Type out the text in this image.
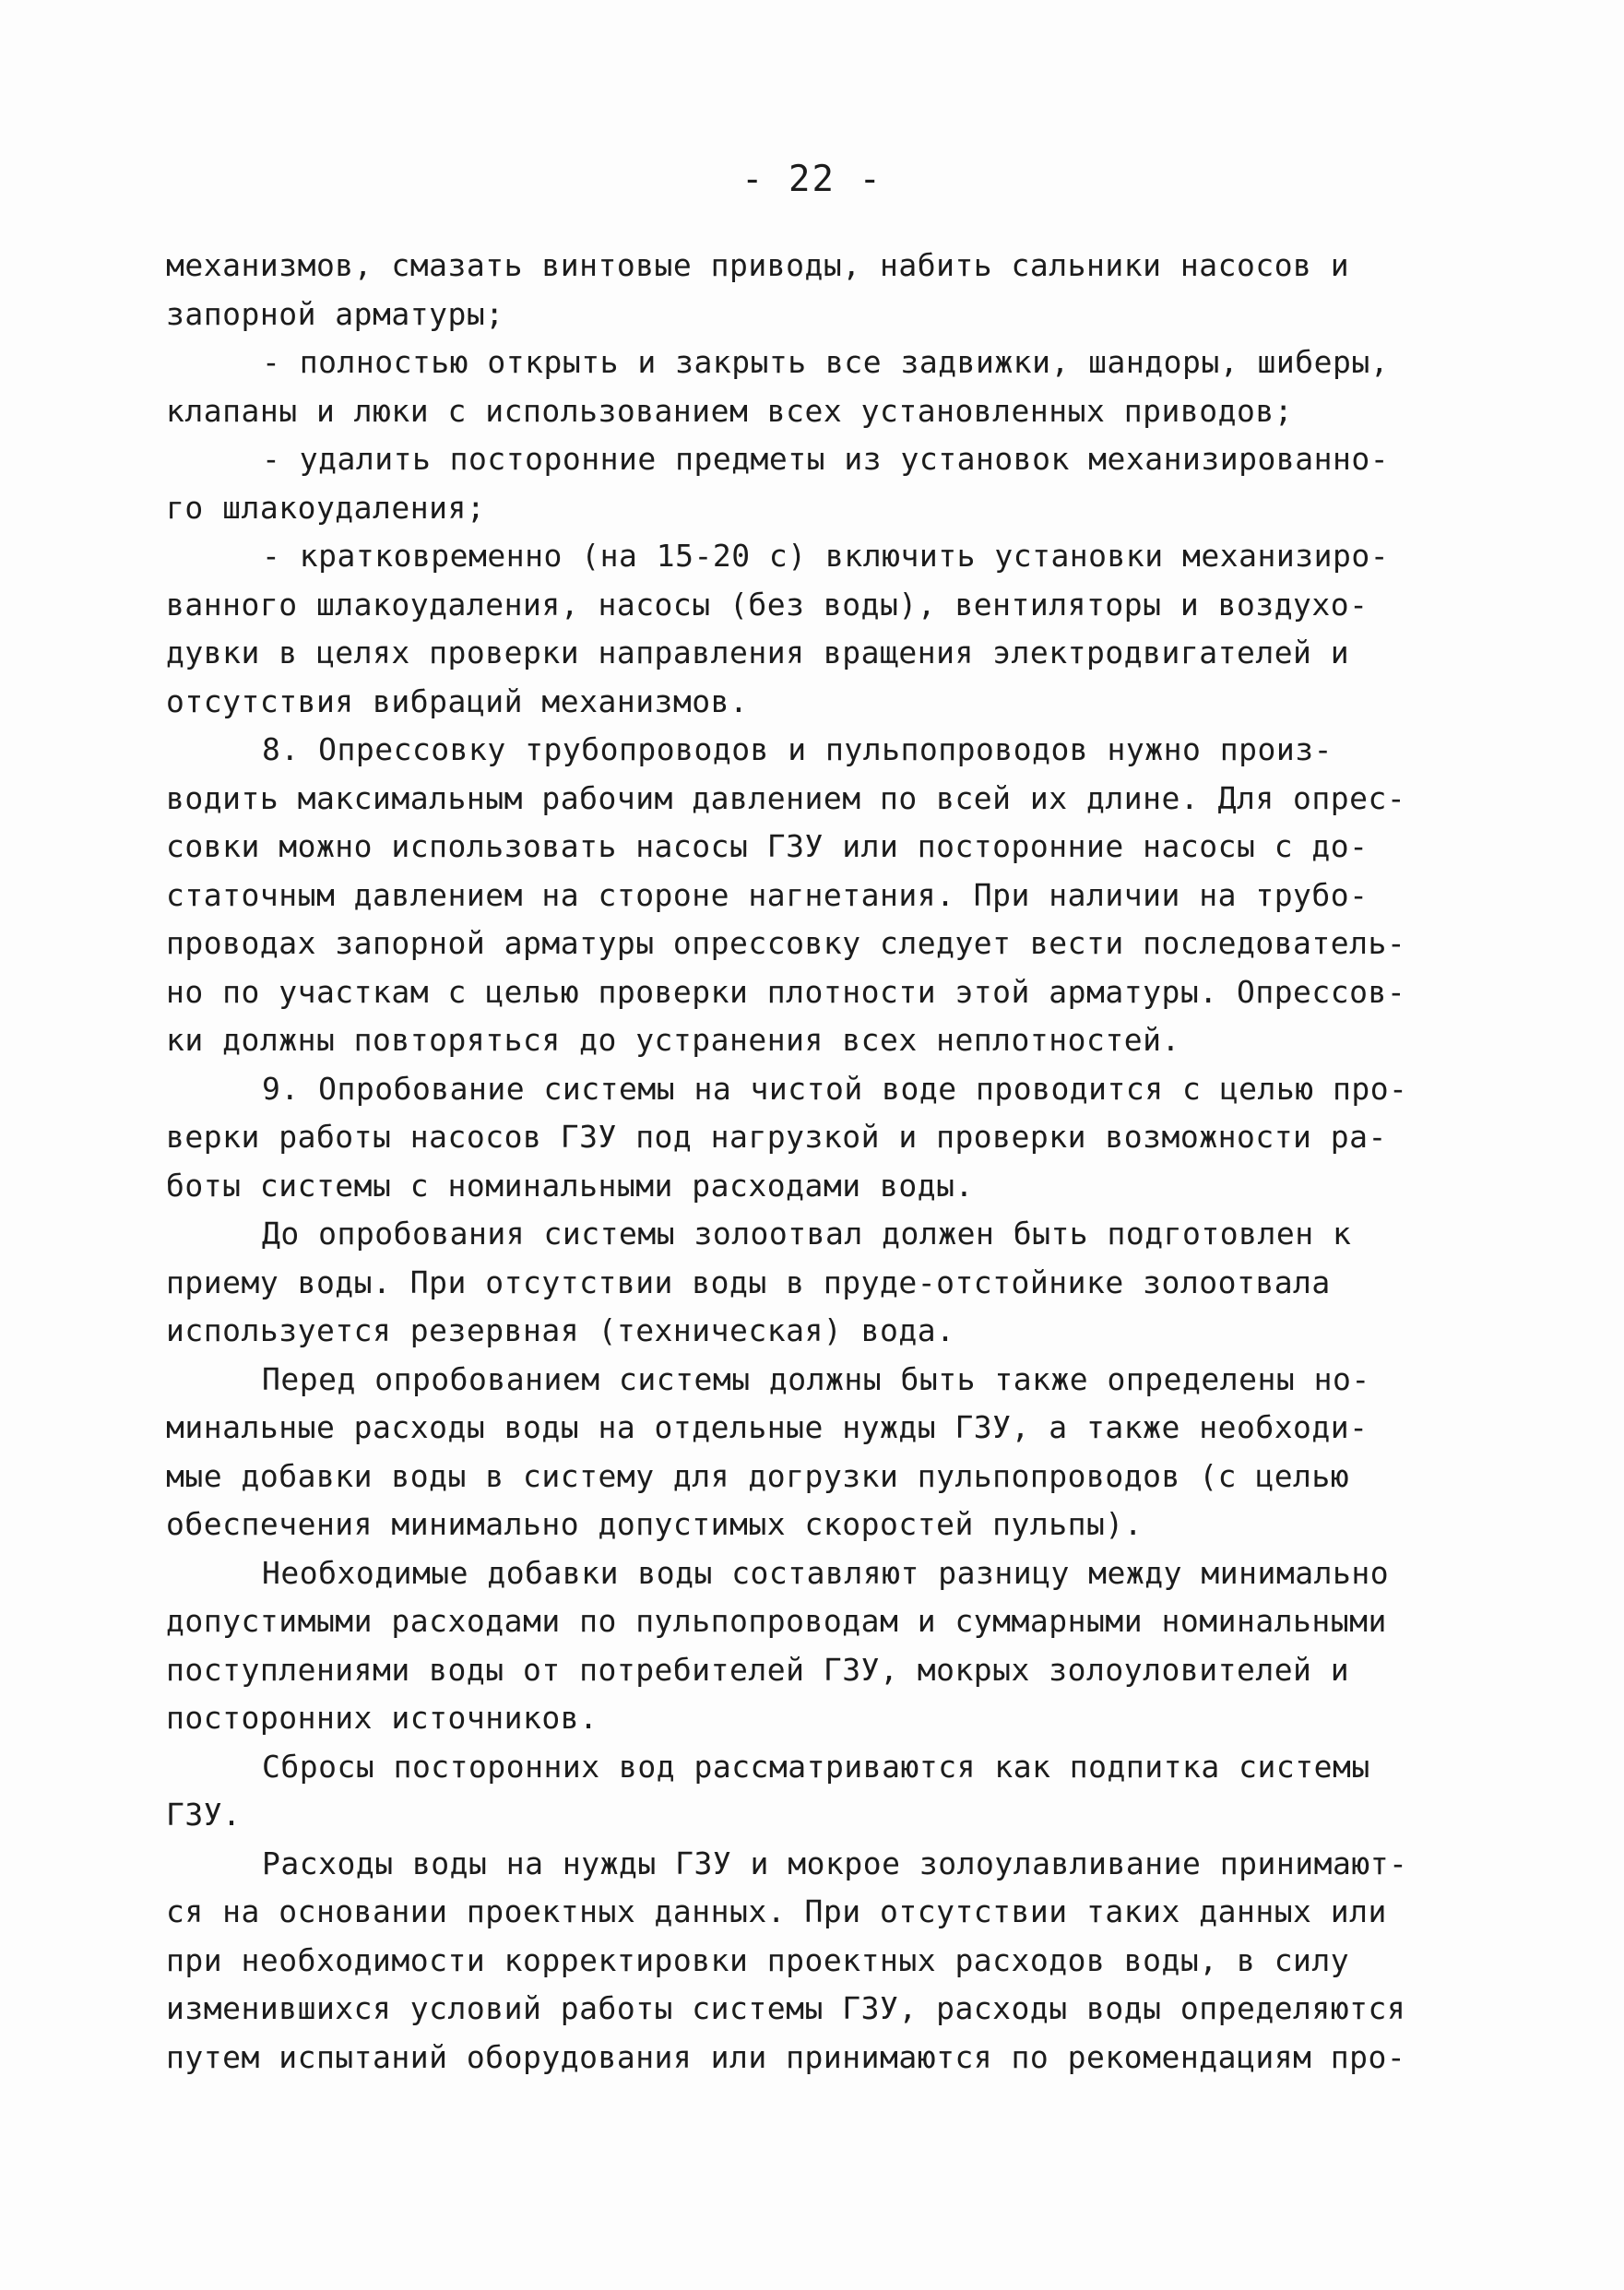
- 22 -
механизмов, смазать винтовые приводы, набить сальники насосов и
запорной арматуры;
- полностью открыть и закрыть все задвижки, шандоры, шиберы,
клапаны и люки с использованием всех установленных приводов;
- удалить посторонние предметы из установок механизированно-
го шлакоудаления;
- кратковременно (на 15-20 с) включить установки механизиро-
ванного шлакоудаления, насосы (без воды), вентиляторы и воздухо-
дувки в целях проверки направления вращения электродвигателей и
отсутствия вибраций механизмов.
8. Опрессовку трубопроводов и пульпопроводов нужно произ-
водить максимальным рабочим давлением по всей их длине. Для опрес-
совки можно использовать насосы ГЗУ или посторонние насосы с до-
статочным давлением на стороне нагнетания. При наличии на трубо-
проводах запорной арматуры опрессовку следует вести последователь-
но по участкам с целью проверки плотности этой арматуры. Опрессов-
ки должны повторяться до устранения всех неплотностей.
9. Опробование системы на чистой воде проводится с целью про-
верки работы насосов ГЗУ под нагрузкой и проверки возможности ра-
боты системы с номинальными расходами воды.
До опробования системы золоотвал должен быть подготовлен к
приему воды. При отсутствии воды в пруде-отстойнике золоотвала
используется резервная (техническая) вода.
Перед опробованием системы должны быть также определены но-
минальные расходы воды на отдельные нужды ГЗУ, а также необходи-
мые добавки воды в систему для догрузки пульпопроводов (с целью
обеспечения минимально допустимых скоростей пульпы).
Необходимые добавки воды составляют разницу между минимально
допустимыми расходами по пульпопроводам и суммарными номинальными
поступлениями воды от потребителей ГЗУ, мокрых золоуловителей и
посторонних источников.
Сбросы посторонних вод рассматриваются как подпитка системы
ГЗУ.
Расходы воды на нужды ГЗУ и мокрое золоулавливание принимают-
ся на основании проектных данных. При отсутствии таких данных или
при необходимости корректировки проектных расходов воды, в силу
изменившихся условий работы системы ГЗУ, расходы воды определяются
путем испытаний оборудования или принимаются по рекомендациям про-
